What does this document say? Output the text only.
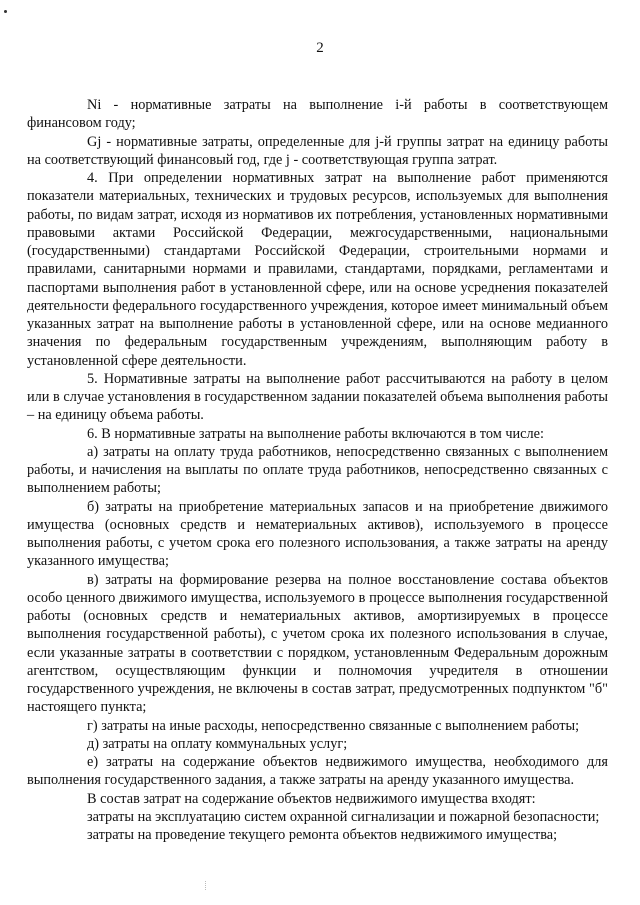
2

Ni - нормативные затраты на выполнение i-й работы в соответствующем финансовом году;

Gj - нормативные затраты, определенные для j-й группы затрат на единицу работы на соответствующий финансовый год, где j - соответствующая группа затрат.

4. При определении нормативных затрат на выполнение работ применяются показатели материальных, технических и трудовых ресурсов, используемых для выполнения работы, по видам затрат, исходя из нормативов их потребления, установленных нормативными правовыми актами Российской Федерации, межгосударственными, национальными (государственными) стандартами Российской Федерации, строительными нормами и правилами, санитарными нормами и правилами, стандартами, порядками, регламентами и паспортами выполнения работ в установленной сфере, или на основе усреднения показателей деятельности федерального государственного учреждения, которое имеет минимальный объем указанных затрат на выполнение работы в установленной сфере, или на основе медианного значения по федеральным государственным учреждениям, выполняющим работу в установленной сфере деятельности.

5. Нормативные затраты на выполнение работ рассчитываются на работу в целом или в случае установления в государственном задании показателей объема выполнения работы – на единицу объема работы.

6. В нормативные затраты на выполнение работы включаются в том числе:

а) затраты на оплату труда работников, непосредственно связанных с выполнением работы, и начисления на выплаты по оплате труда работников, непосредственно связанных с выполнением работы;

б) затраты на приобретение материальных запасов и на приобретение движимого имущества (основных средств и нематериальных активов), используемого в процессе выполнения работы, с учетом срока его полезного использования, а также затраты на аренду указанного имущества;

в) затраты на формирование резерва на полное восстановление состава объектов особо ценного движимого имущества, используемого в процессе выполнения государственной работы (основных средств и нематериальных активов, амортизируемых в процессе выполнения государственной работы), с учетом срока их полезного использования в случае, если указанные затраты в соответствии с порядком, установленным Федеральным дорожным агентством, осуществляющим функции и полномочия учредителя в отношении государственного учреждения, не включены в состав затрат, предусмотренных подпунктом "б" настоящего пункта;

г) затраты на иные расходы, непосредственно связанные с выполнением работы;

д) затраты на оплату коммунальных услуг;

е) затраты на содержание объектов недвижимого имущества, необходимого для выполнения государственного задания, а также затраты на аренду указанного имущества.

В состав затрат на содержание объектов недвижимого имущества входят:

затраты на эксплуатацию систем охранной сигнализации и пожарной безопасности;

затраты на проведение текущего ремонта объектов недвижимого имущества;
